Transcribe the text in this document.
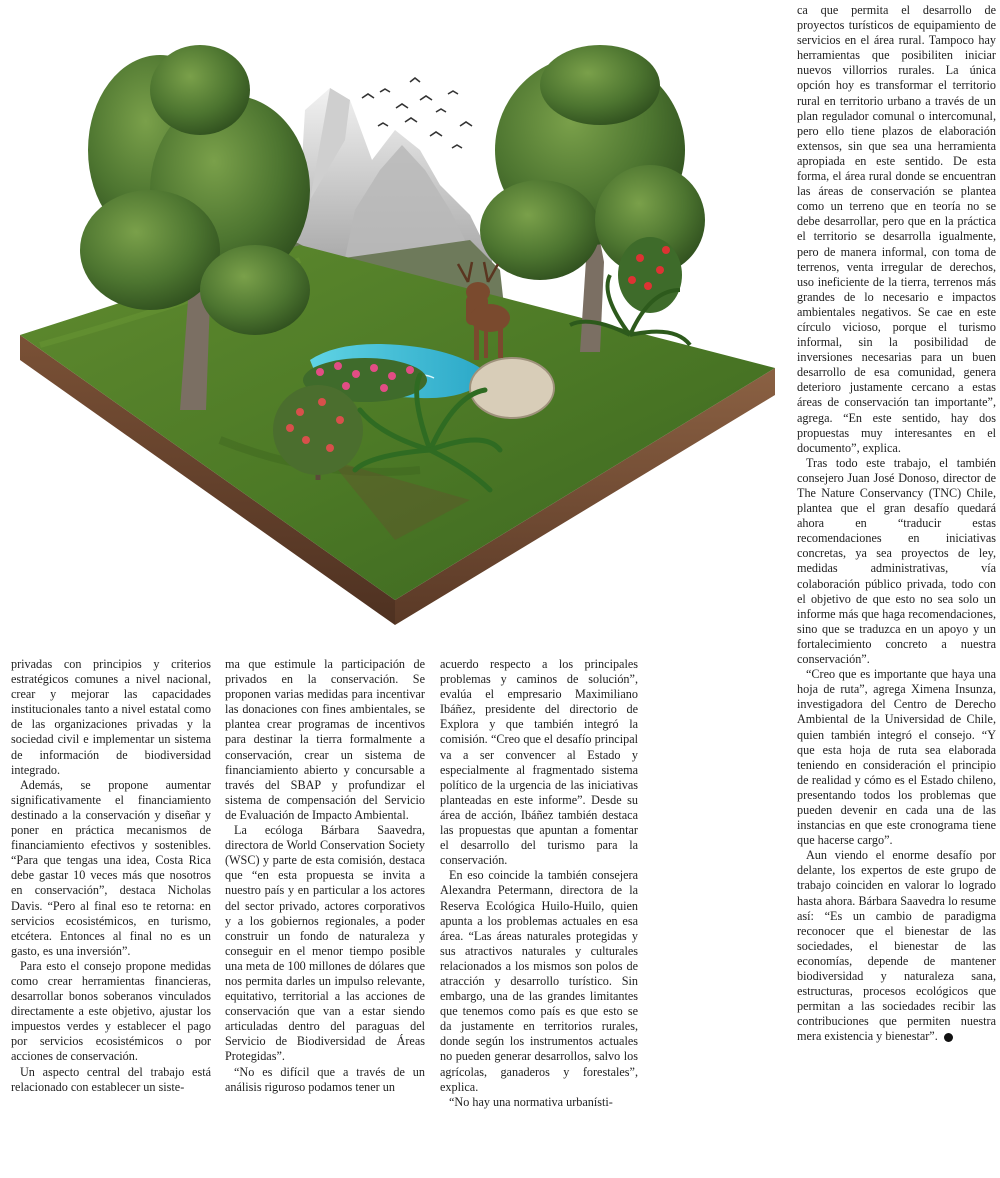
privadas con principios y criterios estratégicos comunes a nivel nacional, crear y mejorar las capacidades institucionales tanto a nivel estatal como de las organizaciones privadas y la sociedad civil e implementar un sistema de información de biodiversidad integrado.

Además, se propone aumentar significativamente el financiamiento destinado a la conservación y diseñar y poner en práctica mecanismos de financiamiento efectivos y sostenibles. “Para que tengas una idea, Costa Rica debe gastar 10 veces más que nosotros en conservación”, destaca Nicholas Davis. “Pero al final eso te retorna: en servicios ecosistémicos, en turismo, etcétera. Entonces al final no es un gasto, es una inversión”.

Para esto el consejo propone medidas como crear herramientas financieras, desarrollar bonos soberanos vinculados directamente a este objetivo, ajustar los impuestos verdes y establecer el pago por servicios ecosistémicos o por acciones de conservación.

Un aspecto central del trabajo está relacionado con establecer un siste-

ma que estimule la participación de privados en la conservación. Se proponen varias medidas para incentivar las donaciones con fines ambientales, se plantea crear programas de incentivos para destinar la tierra formalmente a conservación, crear un sistema de financiamiento abierto y concursable a través del SBAP y profundizar el sistema de compensación del Servicio de Evaluación de Impacto Ambiental.

La ecóloga Bárbara Saavedra, directora de World Conservation Society (WSC) y parte de esta comisión, destaca que “en esta propuesta se invita a nuestro país y en particular a los actores del sector privado, actores corporativos y a los gobiernos regionales, a poder construir un fondo de naturaleza y conseguir en el menor tiempo posible una meta de 100 millones de dólares que nos permita darles un impulso relevante, equitativo, territorial a las acciones de conservación que van a estar siendo articuladas dentro del paraguas del Servicio de Biodiversidad de Áreas Protegidas”.

“No es difícil que a través de un análisis riguroso podamos tener un

acuerdo respecto a los principales problemas y caminos de solución”, evalúa el empresario Maximiliano Ibáñez, presidente del directorio de Explora y que también integró la comisión. “Creo que el desafío principal va a ser convencer al Estado y especialmente al fragmentado sistema político de la urgencia de las iniciativas planteadas en este informe”. Desde su área de acción, Ibáñez también destaca las propuestas que apuntan a fomentar el desarrollo del turismo para la conservación.

En eso coincide la también consejera Alexandra Petermann, directora de la Reserva Ecológica Huilo-Huilo, quien apunta a los problemas actuales en esa área. “Las áreas naturales protegidas y sus atractivos naturales y culturales relacionados a los mismos son polos de atracción y desarrollo turístico. Sin embargo, una de las grandes limitantes que tenemos como país es que esto se da justamente en territorios rurales, donde según los instrumentos actuales no pueden generar desarrollos, salvo los agrícolas, ganaderos y forestales”, explica.

“No hay una normativa urbanísti-

ca que permita el desarrollo de proyectos turísticos de equipamiento de servicios en el área rural. Tampoco hay herramientas que posibiliten iniciar nuevos villorrios rurales. La única opción hoy es transformar el territorio rural en territorio urbano a través de un plan regulador comunal o intercomunal, pero ello tiene plazos de elaboración extensos, sin que sea una herramienta apropiada en este sentido. De esta forma, el área rural donde se encuentran las áreas de conservación se plantea como un terreno que en teoría no se debe desarrollar, pero que en la práctica el territorio se desarrolla igualmente, pero de manera informal, con toma de terrenos, venta irregular de derechos, uso ineficiente de la tierra, terrenos más grandes de lo necesario e impactos ambientales negativos. Se cae en este círculo vicioso, porque el turismo informal, sin la posibilidad de inversiones necesarias para un buen desarrollo de esa comunidad, genera deterioro justamente cercano a estas áreas de conservación tan importante”, agrega. “En este sentido, hay dos propuestas muy interesantes en el documento”, explica.

Tras todo este trabajo, el también consejero Juan José Donoso, director de The Nature Conservancy (TNC) Chile, plantea que el gran desafío quedará ahora en “traducir estas recomendaciones en iniciativas concretas, ya sea proyectos de ley, medidas administrativas, vía colaboración público privada, todo con el objetivo de que esto no sea solo un informe más que haga recomendaciones, sino que se traduzca en un apoyo y un fortalecimiento concreto a nuestra conservación”.

“Creo que es importante que haya una hoja de ruta”, agrega Ximena Insunza, investigadora del Centro de Derecho Ambiental de la Universidad de Chile, quien también integró el consejo. “Y que esta hoja de ruta sea elaborada teniendo en consideración el principio de realidad y cómo es el Estado chileno, presentando todos los problemas que pueden devenir en cada una de las instancias en que este cronograma tiene que hacerse cargo”.

Aun viendo el enorme desafío por delante, los expertos de este grupo de trabajo coinciden en valorar lo logrado hasta ahora. Bárbara Saavedra lo resume así: “Es un cambio de paradigma reconocer que el bienestar de las sociedades, el bienestar de las economías, depende de mantener biodiversidad y naturaleza sana, estructuras, procesos ecológicos que permitan a las sociedades recibir las contribuciones que permiten nuestra mera existencia y bienestar”.
